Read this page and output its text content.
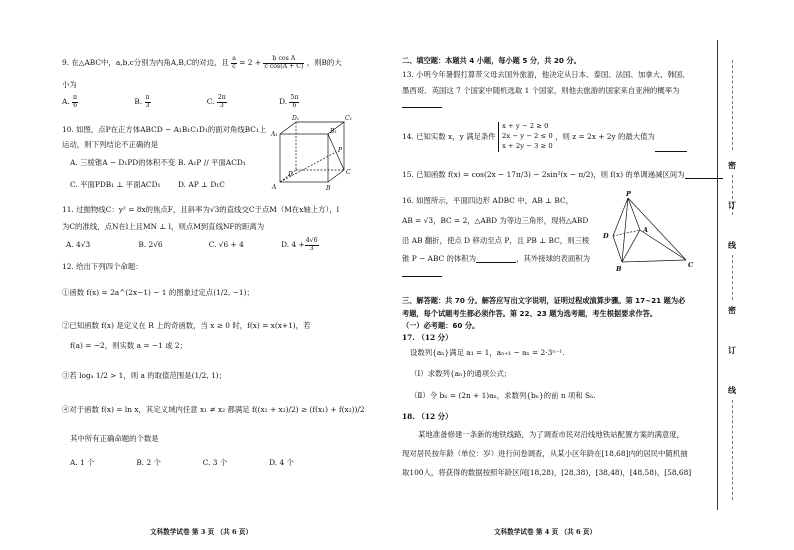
9. 在△ABC中，a,b,c分别为内角A,B,C的对边，且 $\frac{a}{c} = 2 + \frac{\text{b cos A}}{\text{c cos(A + C)}}$ ，则B的大
小为
A. $\frac{\pi}{6}$	B. $\frac{\pi}{3}$	C. $\frac{2\pi}{3}$	D. $\frac{5\pi}{6}$
10. 如图，点P在正方体ABCD − A₁B₁C₁D₁的面对角线BC₁上
运动，则下列结论不正确的是
A. 三棱锥A − D₁PD的体积不变 B. A₁P // 平面ACD₁
C. 平面PDB₁ ⊥ 平面ACD₁ D. AP ⊥ D₁C
D₁	C₁
A₁	B₁
P
D	C
A	B
11. 过抛物线C：y² = 8x的焦点F，且斜率为√3的直线交C于点M（M在x轴上方），l
为C的准线，点N在l上且MN ⊥ l，则点M到直线NF的距离为
A. 4√3	B. 2√6	C. √6 + 4	D. $4 + \frac{4√6}{3}$
12. 给出下列四个命题：
①函数 f(x) = 2a^(2x−1) − 1 的图象过定点(1/2, −1)；
②已知函数 f(x) 是定义在 R 上的奇函数，当 x ≥ 0 时，f(x) = x(x+1)，若
f(a) = −2，则实数 a = −1 或 2；
③若 logₐ 1/2 > 1，则 a 的取值范围是(1/2, 1)；
④对于函数 f(x) = ln x，其定义域内任意 x₁ ≠ x₂ 都满足 f((x₁ + x₂)/2) ≥ (f(x₁) + f(x₂))/2
其中所有正确命题的个数是
A. 1 个	B. 2 个	C. 3 个	D. 4 个
文科数学试卷 第 3 页 （共 6 页）
二、填空题：本题共 4 小题，每小题 5 分，共 20 分。
13. 小明今年暑假打算带父母去国外旅游，他决定从日本、泰国、法国、加拿大、韩国、
墨西哥、英国这 7 个国家中随机选取 1 个国家，则他去旅游的国家来自亚洲的概率为
14. 已知实数 x，y 满足条件
x + y − 2 ≥ 0
2x − y − 2 ≤ 0
x + 2y − 3 ≥ 0
，则 z = 2x + 2y 的最大值为
15. 已知函数 f(x) = cos(2x − 17π/3) − 2sin²(x − π/2)，则 f(x) 的单调递减区间为
16. 如图所示，平面四边形 ADBC 中，AB ⊥ BC，
AB = √3，BC = 2，△ABD 为等边三角形，现将△ABD
沿 AB 翻折，使点 D 移动至点 P，且 PB ⊥ BC，则三棱
锥 P − ABC 的体积为	，其外接球的表面积为
P
D
A
B	C
三、解答题：共 70 分。解答应写出文字说明，证明过程或演算步骤。第 17~21 题为必
考题，每个试题考生都必须作答。第 22、23 题为选考题，考生根据要求作答。
（一）必考题：60 分。
17. （12 分）
设数列{aₙ}满足 a₁ = 1，aₙ₊₁ − aₙ = 2·3ⁿ⁻¹.
（Ⅰ）求数列{aₙ}的通项公式；
（Ⅱ）令 bₙ = (2n + 1)aₙ，求数列{bₙ}的前 n 项和 Sₙ.
18. （12 分）
某地准备修建一条新的地铁线路，为了调查市民对沿线地铁站配置方案的满意度，
现对居民按年龄（单位：岁）进行问卷调查，从某小区年龄在[18,68]内的居民中随机抽
取100人，将获得的数据按照年龄区间[18,28)，[28,38)，[38,48)，[48,58)，[58,68]
文科数学试卷 第 4 页 （共 6 页）
密
订
线
密
订
线
